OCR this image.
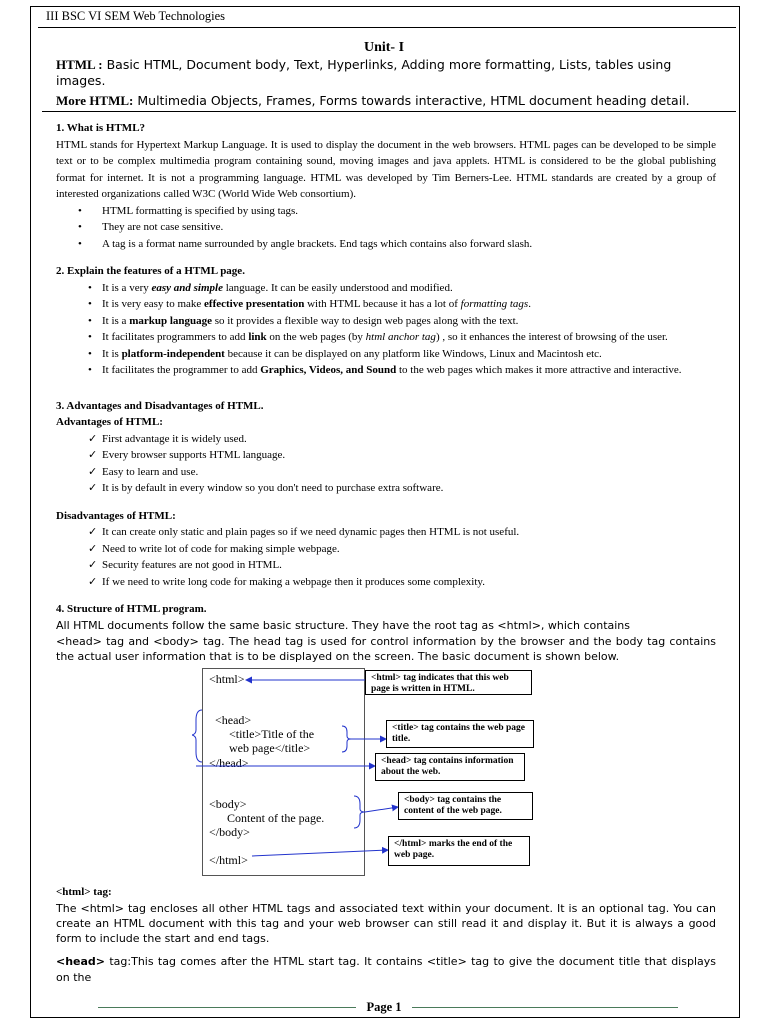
III BSC VI SEM Web Technologies
Unit- I

HTML : Basic HTML, Document body, Text, Hyperlinks, Adding more formatting, Lists, tables using images.

More HTML: Multimedia Objects, Frames, Forms towards interactive, HTML document heading detail.

1. What is HTML?

HTML stands for Hypertext Markup Language. It is used to display the document in the web browsers. HTML pages can be developed to be simple text or to be complex multimedia program containing sound, moving images and java applets. HTML is considered to be the global publishing format for internet. It is not a programming language. HTML was developed by Tim Berners-Lee. HTML standards are created by a group of interested organizations called W3C (World Wide Web consortium).

• HTML formatting is specified by using tags.
• They are not case sensitive.
• A tag is a format name surrounded by angle brackets. End tags which contains also forward slash.

2. Explain the features of a HTML page.

• It is a very easy and simple language. It can be easily understood and modified.
• It is very easy to make effective presentation with HTML because it has a lot of formatting tags.
• It is a markup language so it provides a flexible way to design web pages along with the text.
• It facilitates programmers to add link on the web pages (by html anchor tag) , so it enhances the interest of browsing of the user.
• It is platform-independent because it can be displayed on any platform like Windows, Linux and Macintosh etc.
• It facilitates the programmer to add Graphics, Videos, and Sound to the web pages which makes it more attractive and interactive.

3. Advantages and Disadvantages of HTML.

Advantages of HTML:

✓ First advantage it is widely used.
✓ Every browser supports HTML language.
✓ Easy to learn and use.
✓ It is by default in every window so you don't need to purchase extra software.

Disadvantages of HTML:

✓ It can create only static and plain pages so if we need dynamic pages then HTML is not useful.
✓ Need to write lot of code for making simple webpage.
✓ Security features are not good in HTML.
✓ If we need to write long code for making a webpage then it produces some complexity.

4. Structure of HTML program.

All HTML documents follow the same basic structure. They have the root tag as <html>, which contains

<head> tag and <body> tag. The head tag is used for control information by the browser and the body tag contains the actual user information that is to be displayed on the screen. The basic document is shown below.

<html>
<head>
<title>Title of the
web page</title>
</head>
<body>
Content of the page.
</body>
</html>
<html> tag indicates that this web page is written in HTML.
<title> tag contains the web page title.
<head> tag contains information about the web.
<body> tag contains the content of the web page.
</html> marks the end of the web page.

<html> tag:

The <html> tag encloses all other HTML tags and associated text within your document. It is an optional tag. You can create an HTML document with this tag and your web browser can still read it and display it. But it is always a good form to include the start and end tags.

<head> tag:This tag comes after the HTML start tag. It contains <title> tag to give the document title that displays on the

Page 1
